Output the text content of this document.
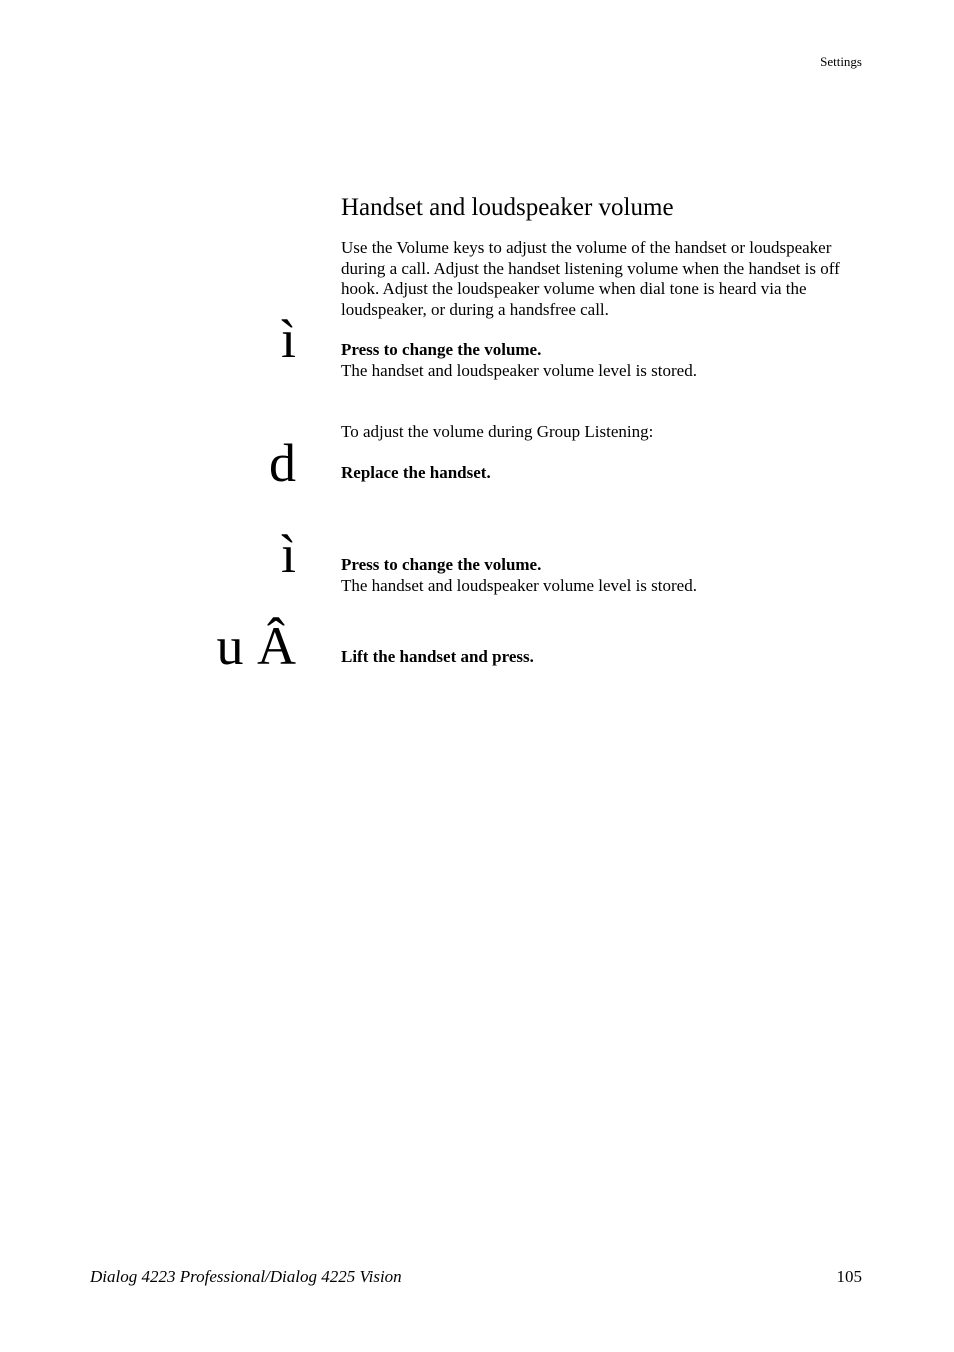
Settings
Handset and loudspeaker volume

Use the Volume keys to adjust the volume of the handset or loudspeaker during a call. Adjust the handset listening volume when the handset is off hook. Adjust the loudspeaker volume when dial tone is heard via the loudspeaker, or during a handsfree call.

ì	Press to change the volume.
The handset and loudspeaker volume level is stored.

To adjust the volume during Group Listening:

d	Replace the handset.
ì	Press to change the volume.
The handset and loudspeaker volume level is stored.
u Â	Lift the handset and press.
Dialog 4223 Professional/Dialog 4225 Vision	105
